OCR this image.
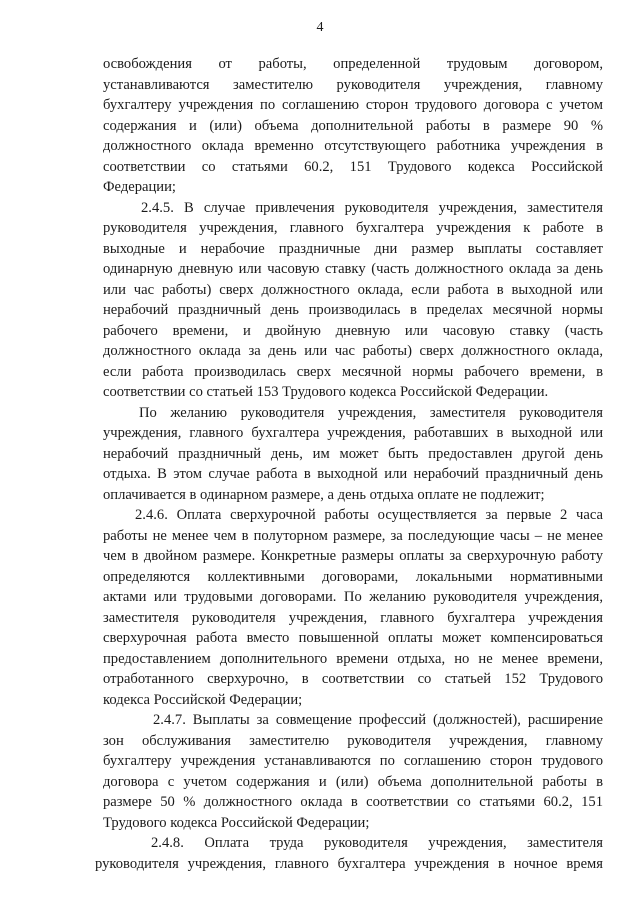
4
освобождения от работы, определенной трудовым договором,
устанавливаются заместителю руководителя учреждения, главному
бухгалтеру учреждения по соглашению сторон трудового договора с учетом
содержания и (или) объема дополнительной работы в размере 90 %
должностного оклада временно отсутствующего работника учреждения в
соответствии со статьями 60.2, 151 Трудового кодекса Российской
Федерации;
2.4.5. В случае привлечения руководителя учреждения, заместителя
руководителя учреждения, главного бухгалтера учреждения к работе в
выходные и нерабочие праздничные дни размер выплаты составляет
одинарную дневную или часовую ставку (часть должностного оклада за день
или час работы) сверх должностного оклада, если работа в выходной или
нерабочий праздничный день производилась в пределах месячной нормы
рабочего времени, и двойную дневную или часовую ставку (часть
должностного оклада за день или час работы) сверх должностного оклада,
если работа производилась сверх месячной нормы рабочего времени, в
соответствии со статьей 153 Трудового кодекса Российской Федерации.
По желанию руководителя учреждения, заместителя руководителя
учреждения, главного бухгалтера учреждения, работавших в выходной или
нерабочий праздничный день, им может быть предоставлен другой день
отдыха. В этом случае работа в выходной или нерабочий праздничный день
оплачивается в одинарном размере, а день отдыха оплате не подлежит;
2.4.6. Оплата сверхурочной работы осуществляется за первые 2 часа
работы не менее чем в полуторном размере, за последующие часы – не менее
чем в двойном размере. Конкретные размеры оплаты за сверхурочную работу
определяются коллективными договорами, локальными нормативными
актами или трудовыми договорами. По желанию руководителя учреждения,
заместителя руководителя учреждения, главного бухгалтера учреждения
сверхурочная работа вместо повышенной оплаты может компенсироваться
предоставлением дополнительного времени отдыха, но не менее времени,
отработанного сверхурочно, в соответствии со статьей 152 Трудового
кодекса Российской Федерации;
2.4.7. Выплаты за совмещение профессий (должностей), расширение
зон обслуживания заместителю руководителя учреждения, главному
бухгалтеру учреждения устанавливаются по соглашению сторон трудового
договора с учетом содержания и (или) объема дополнительной работы в
размере 50 % должностного оклада в соответствии со статьями 60.2, 151
Трудового кодекса Российской Федерации;
2.4.8. Оплата труда руководителя учреждения, заместителя
руководителя учреждения, главного бухгалтера учреждения в ночное время
